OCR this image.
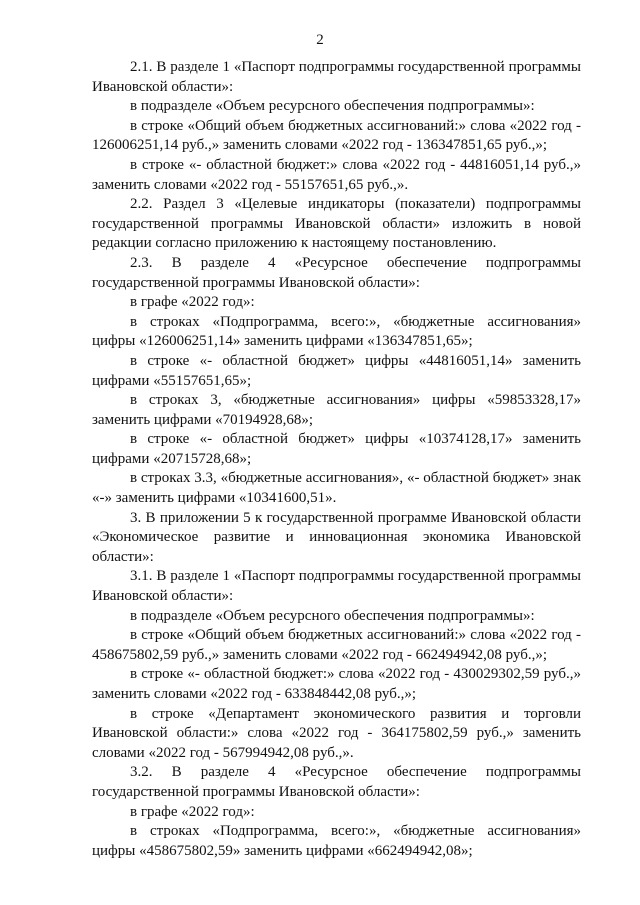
2

2.1. В разделе 1 «Паспорт подпрограммы государственной программы Ивановской области»:

в подразделе «Объем ресурсного обеспечения подпрограммы»:

в строке «Общий объем бюджетных ассигнований:» слова «2022 год - 126006251,14 руб.,» заменить словами «2022 год - 136347851,65 руб.,»;

в строке «- областной бюджет:» слова «2022 год - 44816051,14 руб.,» заменить словами «2022 год - 55157651,65 руб.,».

2.2. Раздел 3 «Целевые индикаторы (показатели) подпрограммы государственной программы Ивановской области» изложить в новой редакции согласно приложению к настоящему постановлению.

2.3. В разделе 4 «Ресурсное обеспечение подпрограммы государственной программы Ивановской области»:

в графе «2022 год»:

в строках «Подпрограмма, всего:», «бюджетные ассигнования» цифры «126006251,14» заменить цифрами «136347851,65»;

в строке «- областной бюджет» цифры «44816051,14» заменить цифрами «55157651,65»;

в строках 3, «бюджетные ассигнования» цифры «59853328,17» заменить цифрами «70194928,68»;

в строке «- областной бюджет» цифры «10374128,17» заменить цифрами «20715728,68»;

в строках 3.3, «бюджетные ассигнования», «- областной бюджет» знак «-» заменить цифрами «10341600,51».

3. В приложении 5 к государственной программе Ивановской области «Экономическое развитие и инновационная экономика Ивановской области»:

3.1. В разделе 1 «Паспорт подпрограммы государственной программы Ивановской области»:

в подразделе «Объем ресурсного обеспечения подпрограммы»:

в строке «Общий объем бюджетных ассигнований:» слова «2022 год - 458675802,59 руб.,» заменить словами «2022 год - 662494942,08 руб.,»;

в строке «- областной бюджет:» слова «2022 год - 430029302,59 руб.,» заменить словами «2022 год - 633848442,08 руб.,»;

в строке «Департамент экономического развития и торговли Ивановской области:» слова «2022 год - 364175802,59 руб.,» заменить словами «2022 год - 567994942,08 руб.,».

3.2. В разделе 4 «Ресурсное обеспечение подпрограммы государственной программы Ивановской области»:

в графе «2022 год»:

в строках «Подпрограмма, всего:», «бюджетные ассигнования» цифры «458675802,59» заменить цифрами «662494942,08»;
